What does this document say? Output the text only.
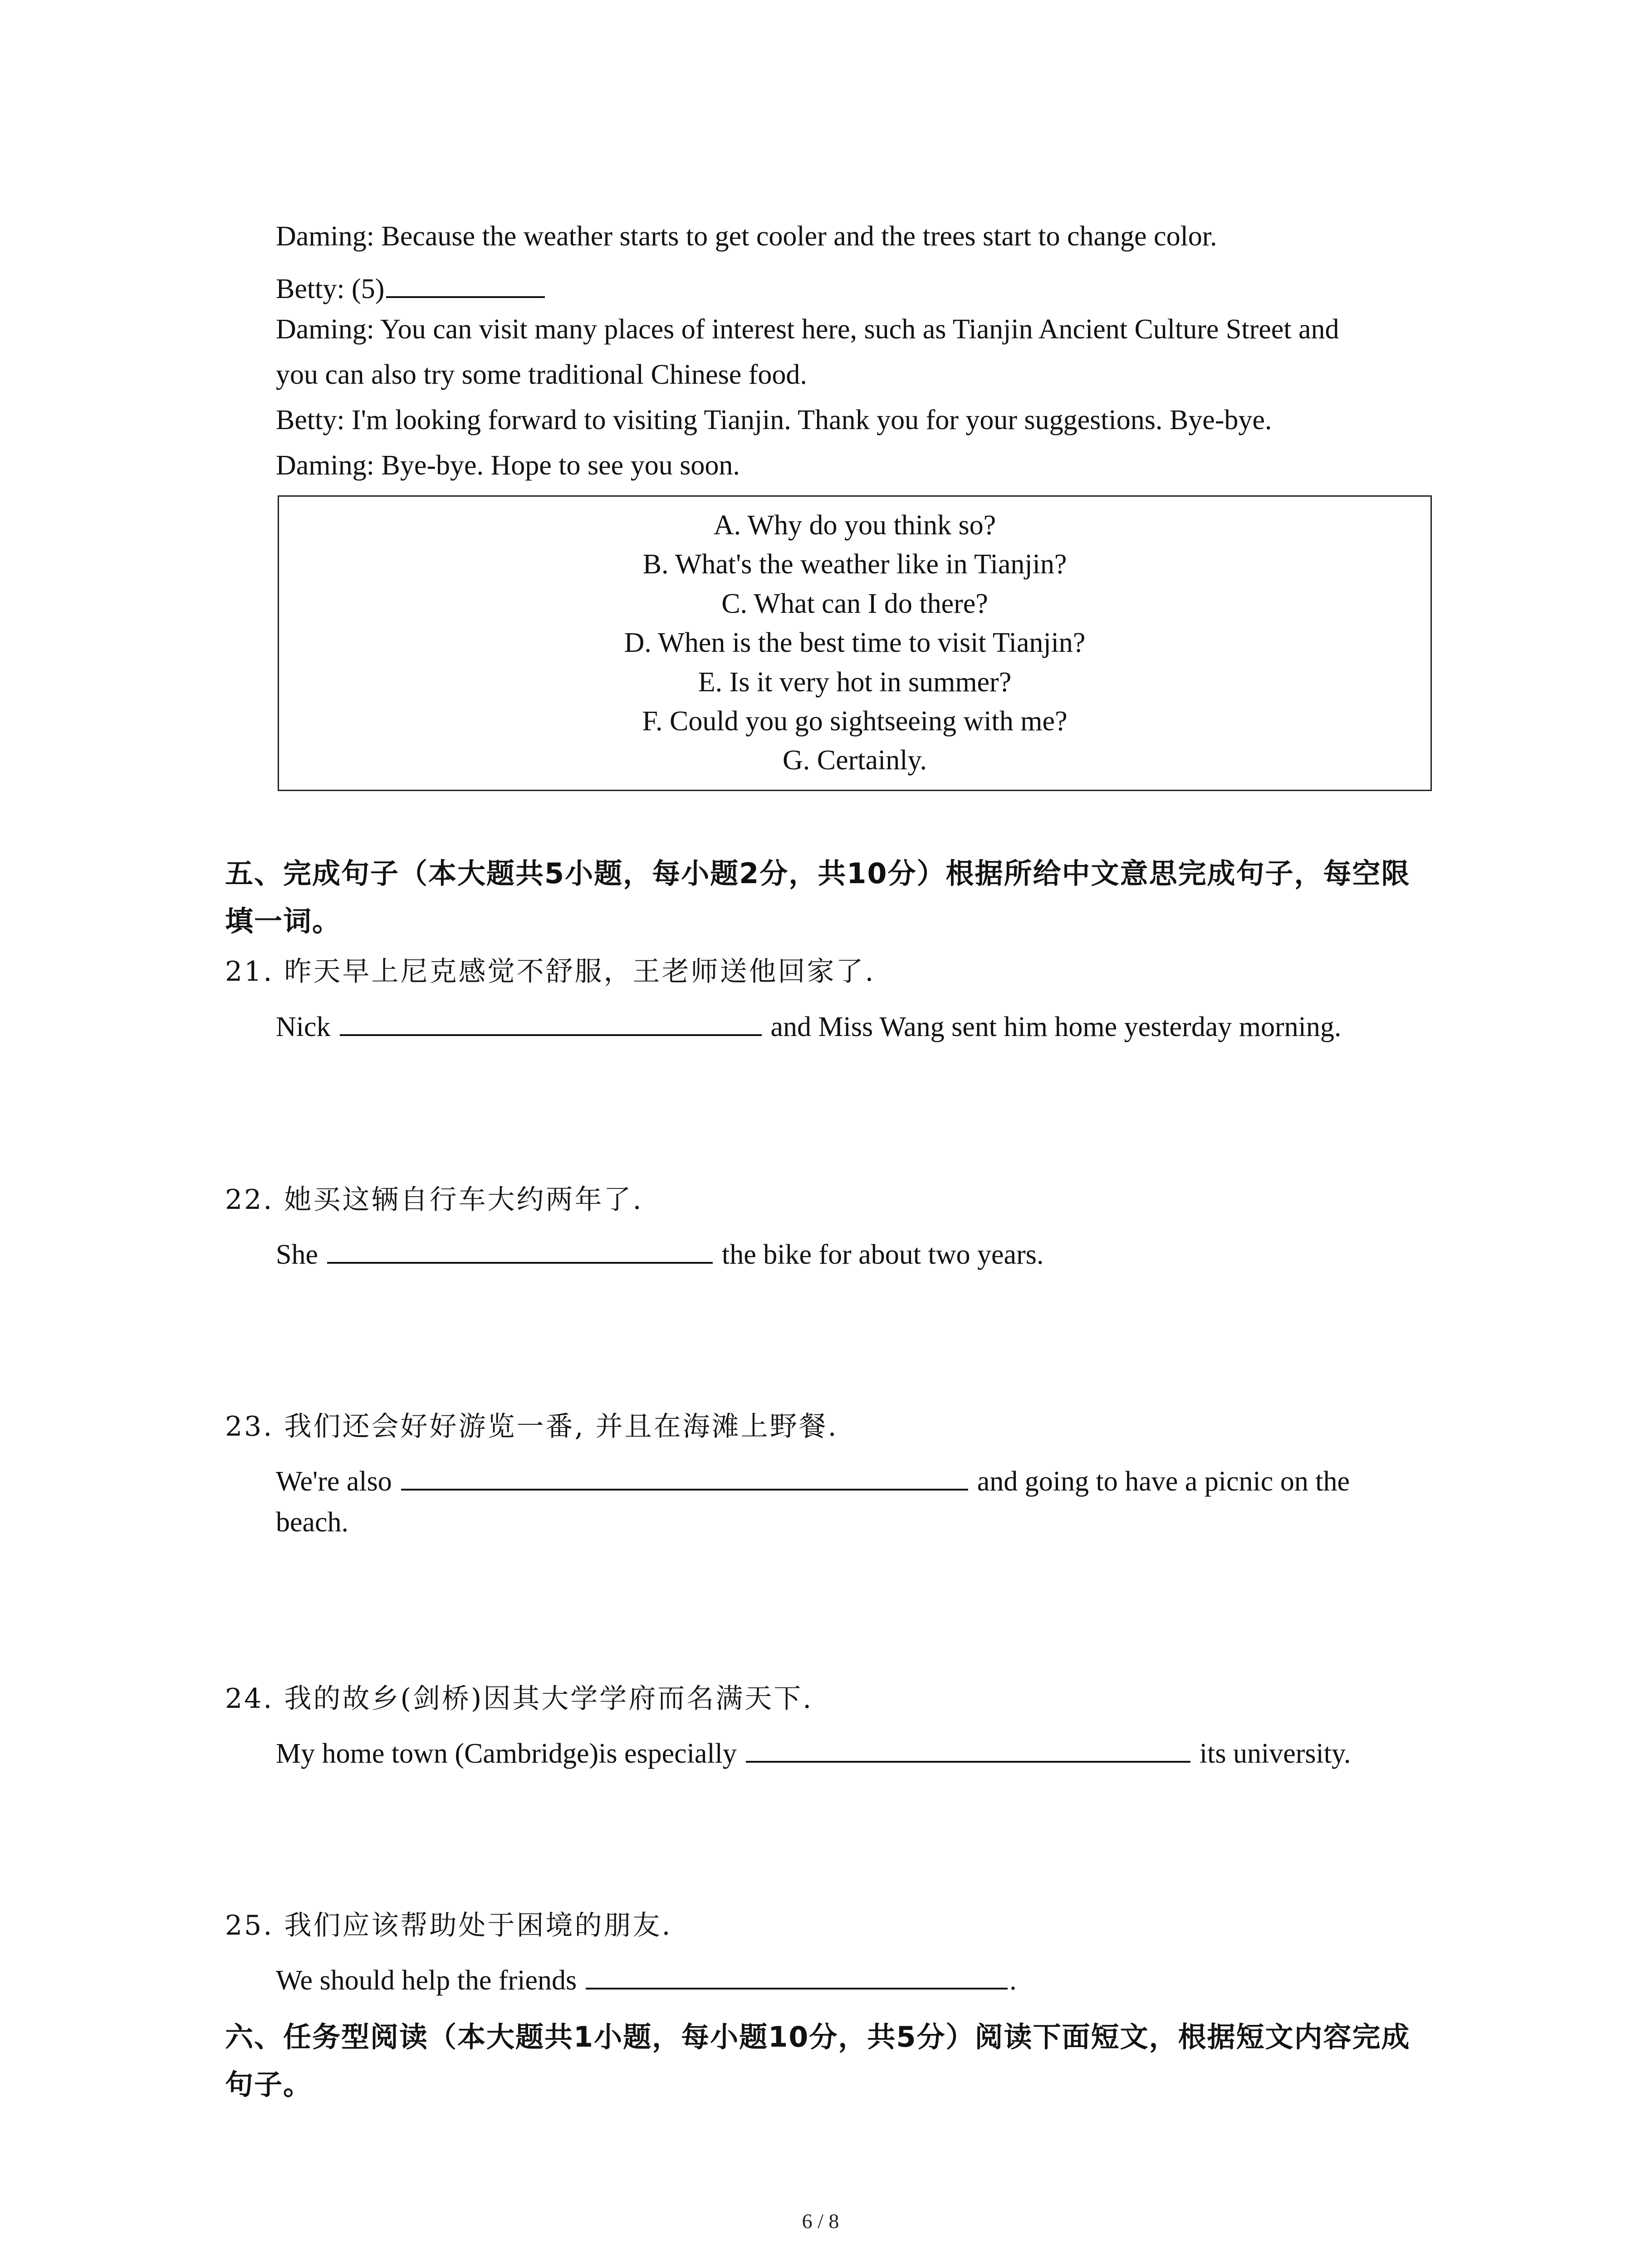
Daming: Because the weather starts to get cooler and the trees start to change color.
Betty: (5)
Daming: You can visit many places of interest here, such as Tianjin Ancient Culture Street and
you can also try some traditional Chinese food.
Betty: I'm looking forward to visiting Tianjin. Thank you for your suggestions. Bye-bye.
Daming: Bye-bye. Hope to see you soon.
A. Why do you think so?
B. What's the weather like in Tianjin?
C. What can I do there?
D. When is the best time to visit Tianjin?
E. Is it very hot in summer?
F. Could you go sightseeing with me?
G. Certainly.
五、完成句子（本大题共5小题，每小题2分，共10分）根据所给中文意思完成句子，每空限
填一词。
21. 昨天早上尼克感觉不舒服，王老师送他回家了.
Nick	and Miss Wang sent him home yesterday morning.
22. 她买这辆自行车大约两年了.
She	the bike for about two years.
23. 我们还会好好游览一番, 并且在海滩上野餐.
We're also	and going to have a picnic on the
beach.
24. 我的故乡(剑桥)因其大学学府而名满天下.
My home town (Cambridge)is especially	its university.
25. 我们应该帮助处于困境的朋友.
We should help the friends	.
六、任务型阅读（本大题共1小题，每小题10分，共5分）阅读下面短文，根据短文内容完成
句子。
6 / 8
